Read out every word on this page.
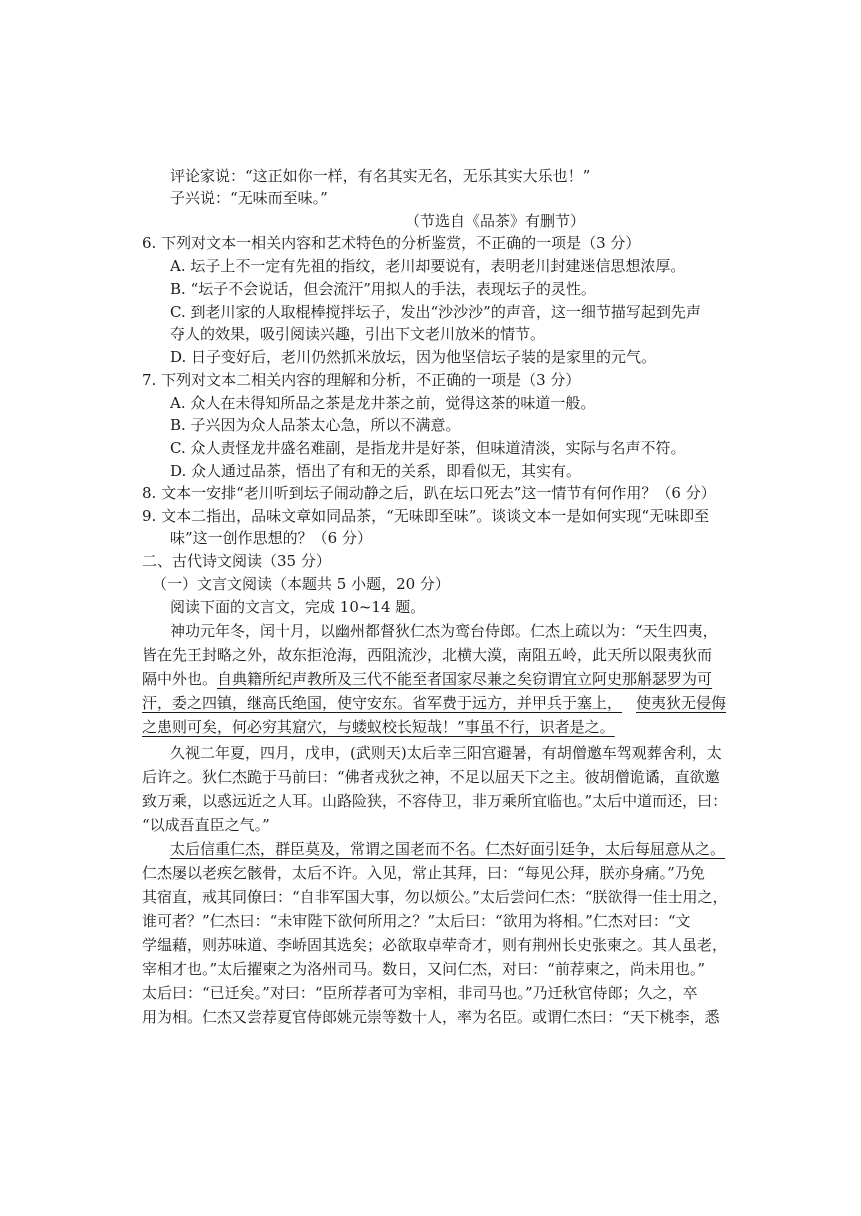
评论家说：“这正如你一样，有名其实无名，无乐其实大乐也！”
子兴说：“无味而至味。”
（节选自《品茶》有删节）
6. 下列对文本一相关内容和艺术特色的分析鉴赏，不正确的一项是（3 分）
A. 坛子上不一定有先祖的指纹，老川却要说有，表明老川封建迷信思想浓厚。
B. “坛子不会说话，但会流汗”用拟人的手法，表现坛子的灵性。
C. 到老川家的人取棍棒搅拌坛子，发出“沙沙沙”的声音，这一细节描写起到先声
夺人的效果，吸引阅读兴趣，引出下文老川放米的情节。
D. 日子变好后，老川仍然抓米放坛，因为他坚信坛子装的是家里的元气。
7. 下列对文本二相关内容的理解和分析，不正确的一项是（3 分）
A. 众人在未得知所品之茶是龙井茶之前，觉得这茶的味道一般。
B. 子兴因为众人品茶太心急，所以不满意。
C. 众人责怪龙井盛名难副，是指龙井是好茶，但味道清淡，实际与名声不符。
D. 众人通过品茶，悟出了有和无的关系，即看似无，其实有。
8. 文本一安排“老川听到坛子闹动静之后，趴在坛口死去”这一情节有何作用？（6 分）
9. 文本二指出，品味文章如同品茶，“无味即至味”。谈谈文本一是如何实现“无味即至
味”这一创作思想的？（6 分）
二、古代诗文阅读（35 分）
（一）文言文阅读（本题共 5 小题，20 分）
阅读下面的文言文，完成 10~14 题。
神功元年冬，闰十月，以幽州都督狄仁杰为鸾台侍郎。仁杰上疏以为：“天生四夷，
皆在先王封略之外，故东拒沧海，西阻流沙，北横大漠，南阻五岭，此天所以限夷狄而
隔中外也。自典籍所纪声教所及三代不能至者国家尽兼之矣窃谓宜立阿史那斛瑟罗为可
汗，委之四镇，继高氏绝国，使守安东。省军费于远方，并甲兵于塞上， 使夷狄无侵侮
之患则可矣，何必穷其窟穴，与蝼蚁校长短哉！”事虽不行，识者是之。
久视二年夏，四月，戊申，(武则天)太后幸三阳宫避暑，有胡僧邀车驾观葬舍利，太
后许之。狄仁杰跪于马前曰：“佛者戎狄之神，不足以屈天下之主。彼胡僧诡谲，直欲邀
致万乘，以惑远近之人耳。山路险狭，不容侍卫，非万乘所宜临也。”太后中道而还，曰：
“以成吾直臣之气。”
太后信重仁杰，群臣莫及，常谓之国老而不名。仁杰好面引廷争，太后每屈意从之。
仁杰屡以老疾乞骸骨，太后不许。入见，常止其拜，曰：“每见公拜，朕亦身痛。”乃免
其宿直，戒其同僚曰：“自非军国大事，勿以烦公。”太后尝问仁杰：“朕欲得一佳士用之，
谁可者？”仁杰曰：“未审陛下欲何所用之？”太后曰：“欲用为将相。”仁杰对曰：“文
学缊藉，则苏味道、李峤固其选矣；必欲取卓荦奇才，则有荆州长史张柬之。其人虽老，
宰相才也。”太后擢柬之为洛州司马。数日，又问仁杰，对曰：“前荐柬之，尚未用也。”
太后曰：“已迁矣。”对曰：“臣所荐者可为宰相，非司马也。”乃迁秋官侍郎；久之，卒
用为相。仁杰又尝荐夏官侍郎姚元崇等数十人，率为名臣。或谓仁杰曰：“天下桃李，悉
